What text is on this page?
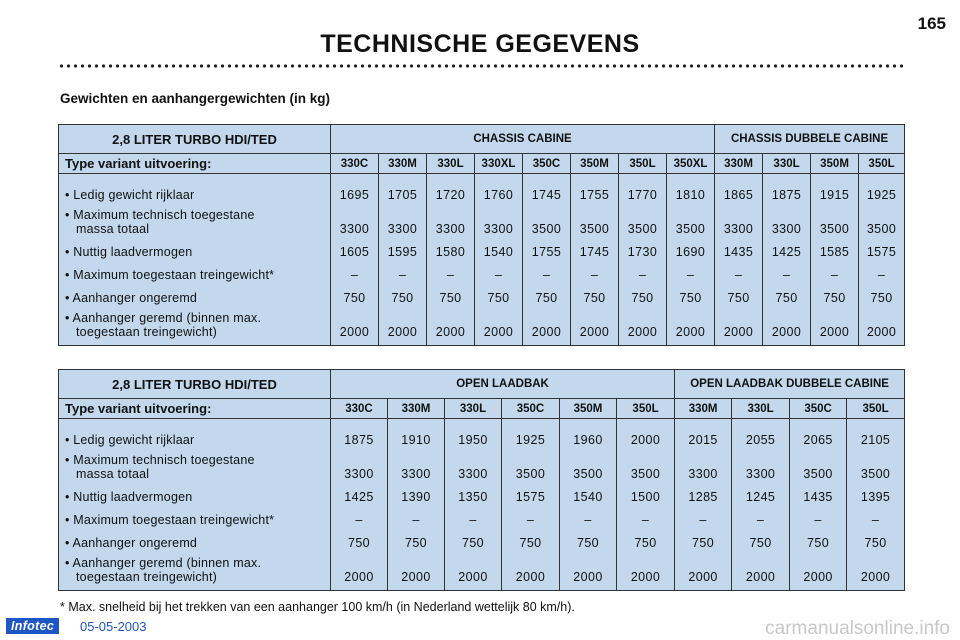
165
TECHNISCHE GEGEVENS
Gewichten en aanhangergewichten (in kg)
2,8 LITER TURBO HDI/TED	CHASSIS CABINE								CHASSIS DUBBELE CABINE			
Type variant uitvoering:	330C	330M	330L	330XL	350C	350M	350L	350XL	330M	330L	350M	350L
• Ledig gewicht rijklaar	1695	1705	1720	1760	1745	1755	1770	1810	1865	1875	1915	1925
• Maximum technisch toegestane
massa totaal	3300	3300	3300	3300	3500	3500	3500	3500	3300	3300	3500	3500
• Nuttig laadvermogen	1605	1595	1580	1540	1755	1745	1730	1690	1435	1425	1585	1575
• Maximum toegestaan treingewicht*	–	–	–	–	–	–	–	–	–	–	–	–
• Aanhanger ongeremd	750	750	750	750	750	750	750	750	750	750	750	750
• Aanhanger geremd (binnen max.
toegestaan treingewicht)	2000	2000	2000	2000	2000	2000	2000	2000	2000	2000	2000	2000
2,8 LITER TURBO HDI/TED	OPEN LAADBAK						OPEN LAADBAK DUBBELE CABINE			
Type variant uitvoering:	330C	330M	330L	350C	350M	350L	330M	330L	350C	350L
• Ledig gewicht rijklaar	1875	1910	1950	1925	1960	2000	2015	2055	2065	2105
• Maximum technisch toegestane
massa totaal	3300	3300	3300	3500	3500	3500	3300	3300	3500	3500
• Nuttig laadvermogen	1425	1390	1350	1575	1540	1500	1285	1245	1435	1395
• Maximum toegestaan treingewicht*	–	–	–	–	–	–	–	–	–	–
• Aanhanger ongeremd	750	750	750	750	750	750	750	750	750	750
• Aanhanger geremd (binnen max.
toegestaan treingewicht)	2000	2000	2000	2000	2000	2000	2000	2000	2000	2000
* Max. snelheid bij het trekken van een aanhanger 100 km/h (in Nederland wettelijk 80 km/h).
Infotec	05-05-2003	carmanualsonline.info
